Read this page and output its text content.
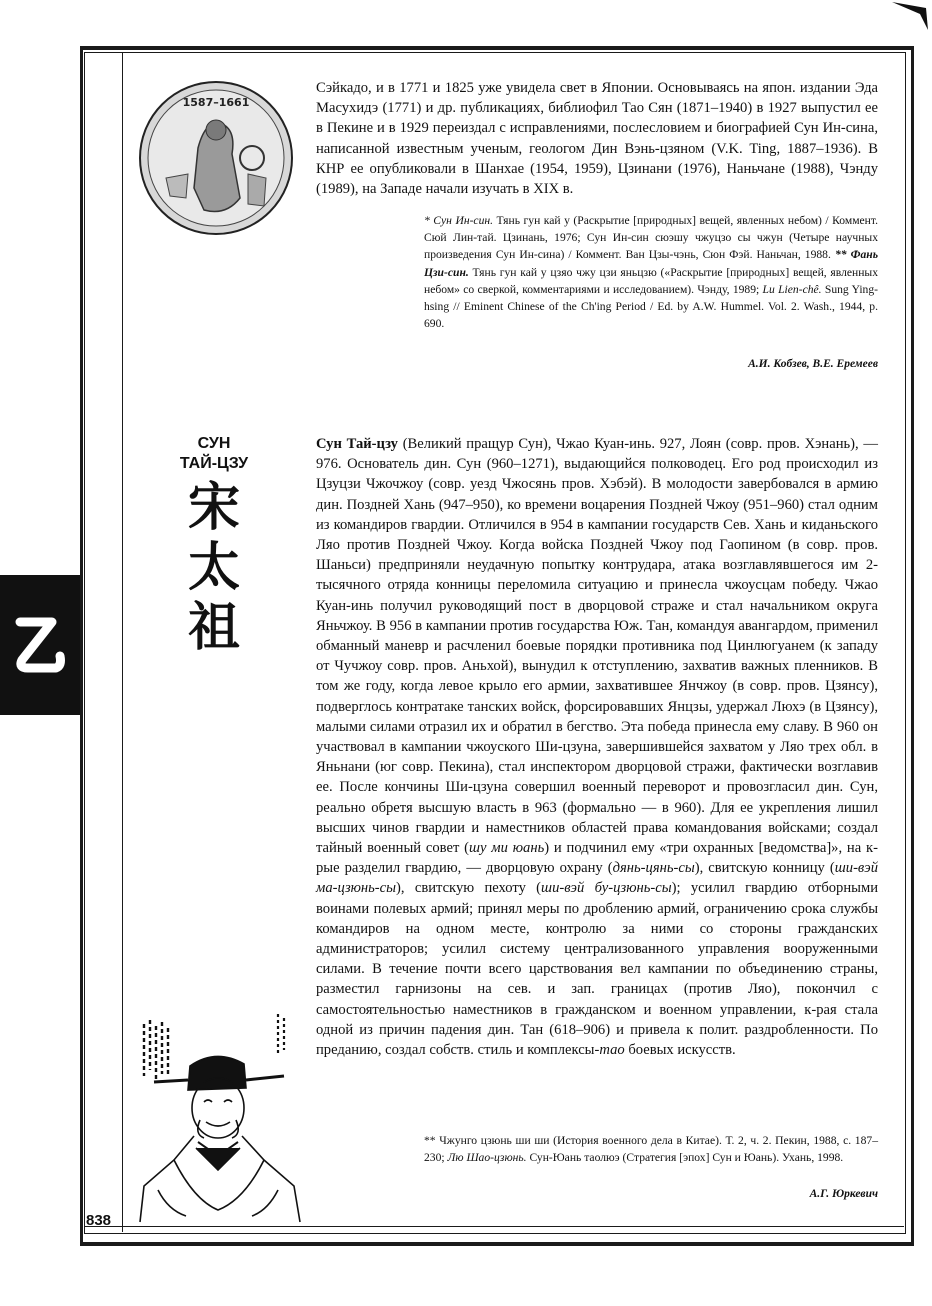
1587–1661

Сэйкадо, и в 1771 и 1825 уже увидела свет в Японии. Основываясь на япон. издании Эда Масухидэ (1771) и др. публикациях, библиофил Тао Сян (1871–1940) в 1927 выпустил ее в Пекине и в 1929 переиздал с исправлениями, послесловием и биографией Сун Ин-сина, написанной известным ученым, геологом Дин Вэнь-цзяном (V.K. Ting, 1887–1936). В КНР ее опубликовали в Шанхае (1954, 1959), Цзинани (1976), Наньчане (1988), Чэнду (1989), на Западе начали изучать в XIX в.

* Сун Ин-син. Тянь гун кай у (Раскрытие [природных] вещей, явленных небом) / Коммент. Сюй Лин-тай. Цзинань, 1976; Сун Ин-син сюэшу чжуцзо сы чжун (Четыре научных произведения Сун Ин-сина) / Коммент. Ван Цзы-чэнь, Сюн Фэй. Наньчан, 1988. ** Фань Цзи-син. Тянь гун кай у цзяо чжу цзи яньцзю («Раскрытие [природных] вещей, явленных небом» со сверкой, комментариями и исследованием). Чэнду, 1989; Lu Lien-chê. Sung Ying-hsing // Eminent Chinese of the Ch'ing Period / Ed. by A.W. Hummel. Vol. 2. Wash., 1944, p. 690.

А.И. Кобзев, В.Е. Еремеев
СУН
ТАЙ-ЦЗУ
宋
太
祖

Сун Тай-цзу (Великий пращур Сун), Чжао Куан-инь. 927, Лоян (совр. пров. Хэнань), — 976. Основатель дин. Сун (960–1271), выдающийся полководец. Его род происходил из Цзуцзи Чжочжоу (совр. уезд Чжосянь пров. Хэбэй). В молодости завербовался в армию дин. Поздней Хань (947–950), ко времени воцарения Поздней Чжоу (951–960) стал одним из командиров гвардии. Отличился в 954 в кампании государств Сев. Хань и киданьского Ляо против Поздней Чжоу. Когда войска Поздней Чжоу под Гаопином (в совр. пров. Шаньси) предприняли неудачную попытку контрудара, атака возглавлявшегося им 2-тысячного отряда конницы переломила ситуацию и принесла чжоусцам победу. Чжао Куан-инь получил руководящий пост в дворцовой страже и стал начальником округа Яньчжоу. В 956 в кампании против государства Юж. Тан, командуя авангардом, применил обманный маневр и расчленил боевые порядки противника под Цинлюгуанем (к западу от Чучжоу совр. пров. Аньхой), вынудил к отступлению, захватив важных пленников. В том же году, когда левое крыло его армии, захватившее Янчжоу (в совр. пров. Цзянсу), подверглось контратаке танских войск, форсировавших Янцзы, удержал Люхэ (в Цзянсу), малыми силами отразил их и обратил в бегство. Эта победа принесла ему славу. В 960 он участвовал в кампании чжоуского Ши-цзуна, завершившейся захватом у Ляо трех обл. в Яньнани (юг совр. Пекина), стал инспектором дворцовой стражи, фактически возглавив ее. После кончины Ши-цзуна совершил военный переворот и провозгласил дин. Сун, реально обретя высшую власть в 963 (формально — в 960). Для ее укрепления лишил высших чинов гвардии и наместников областей права командования войсками; создал тайный военный совет (шу ми юань) и подчинил ему «три охранных [ведомства]», на к-рые разделил гвардию, — дворцовую охрану (дянь-цянь-сы), свитскую конницу (ши-вэй ма-цзюнь-сы), свитскую пехоту (ши-вэй бу-цзюнь-сы); усилил гвардию отборными воинами полевых армий; принял меры по дроблению армий, ограничению срока службы командиров на одном месте, контролю за ними со стороны гражданских администраторов; усилил систему централизованного управления вооруженными силами. В течение почти всего царствования вел кампании по объединению страны, разместил гарнизоны на сев. и зап. границах (против Ляо), покончил с самостоятельностью наместников в гражданском и военном управлении, к-рая стала одной из причин падения дин. Тан (618–906) и привела к полит. раздробленности. По преданию, создал собств. стиль и комплексы-тао боевых искусств.

** Чжунго цзюнь ши ши (История военного дела в Китае). Т. 2, ч. 2. Пекин, 1988, с. 187–230; Лю Шао-цзюнь. Сун-Юань таолюэ (Стратегия [эпох] Сун и Юань). Ухань, 1998.

А.Г. Юркевич
838
